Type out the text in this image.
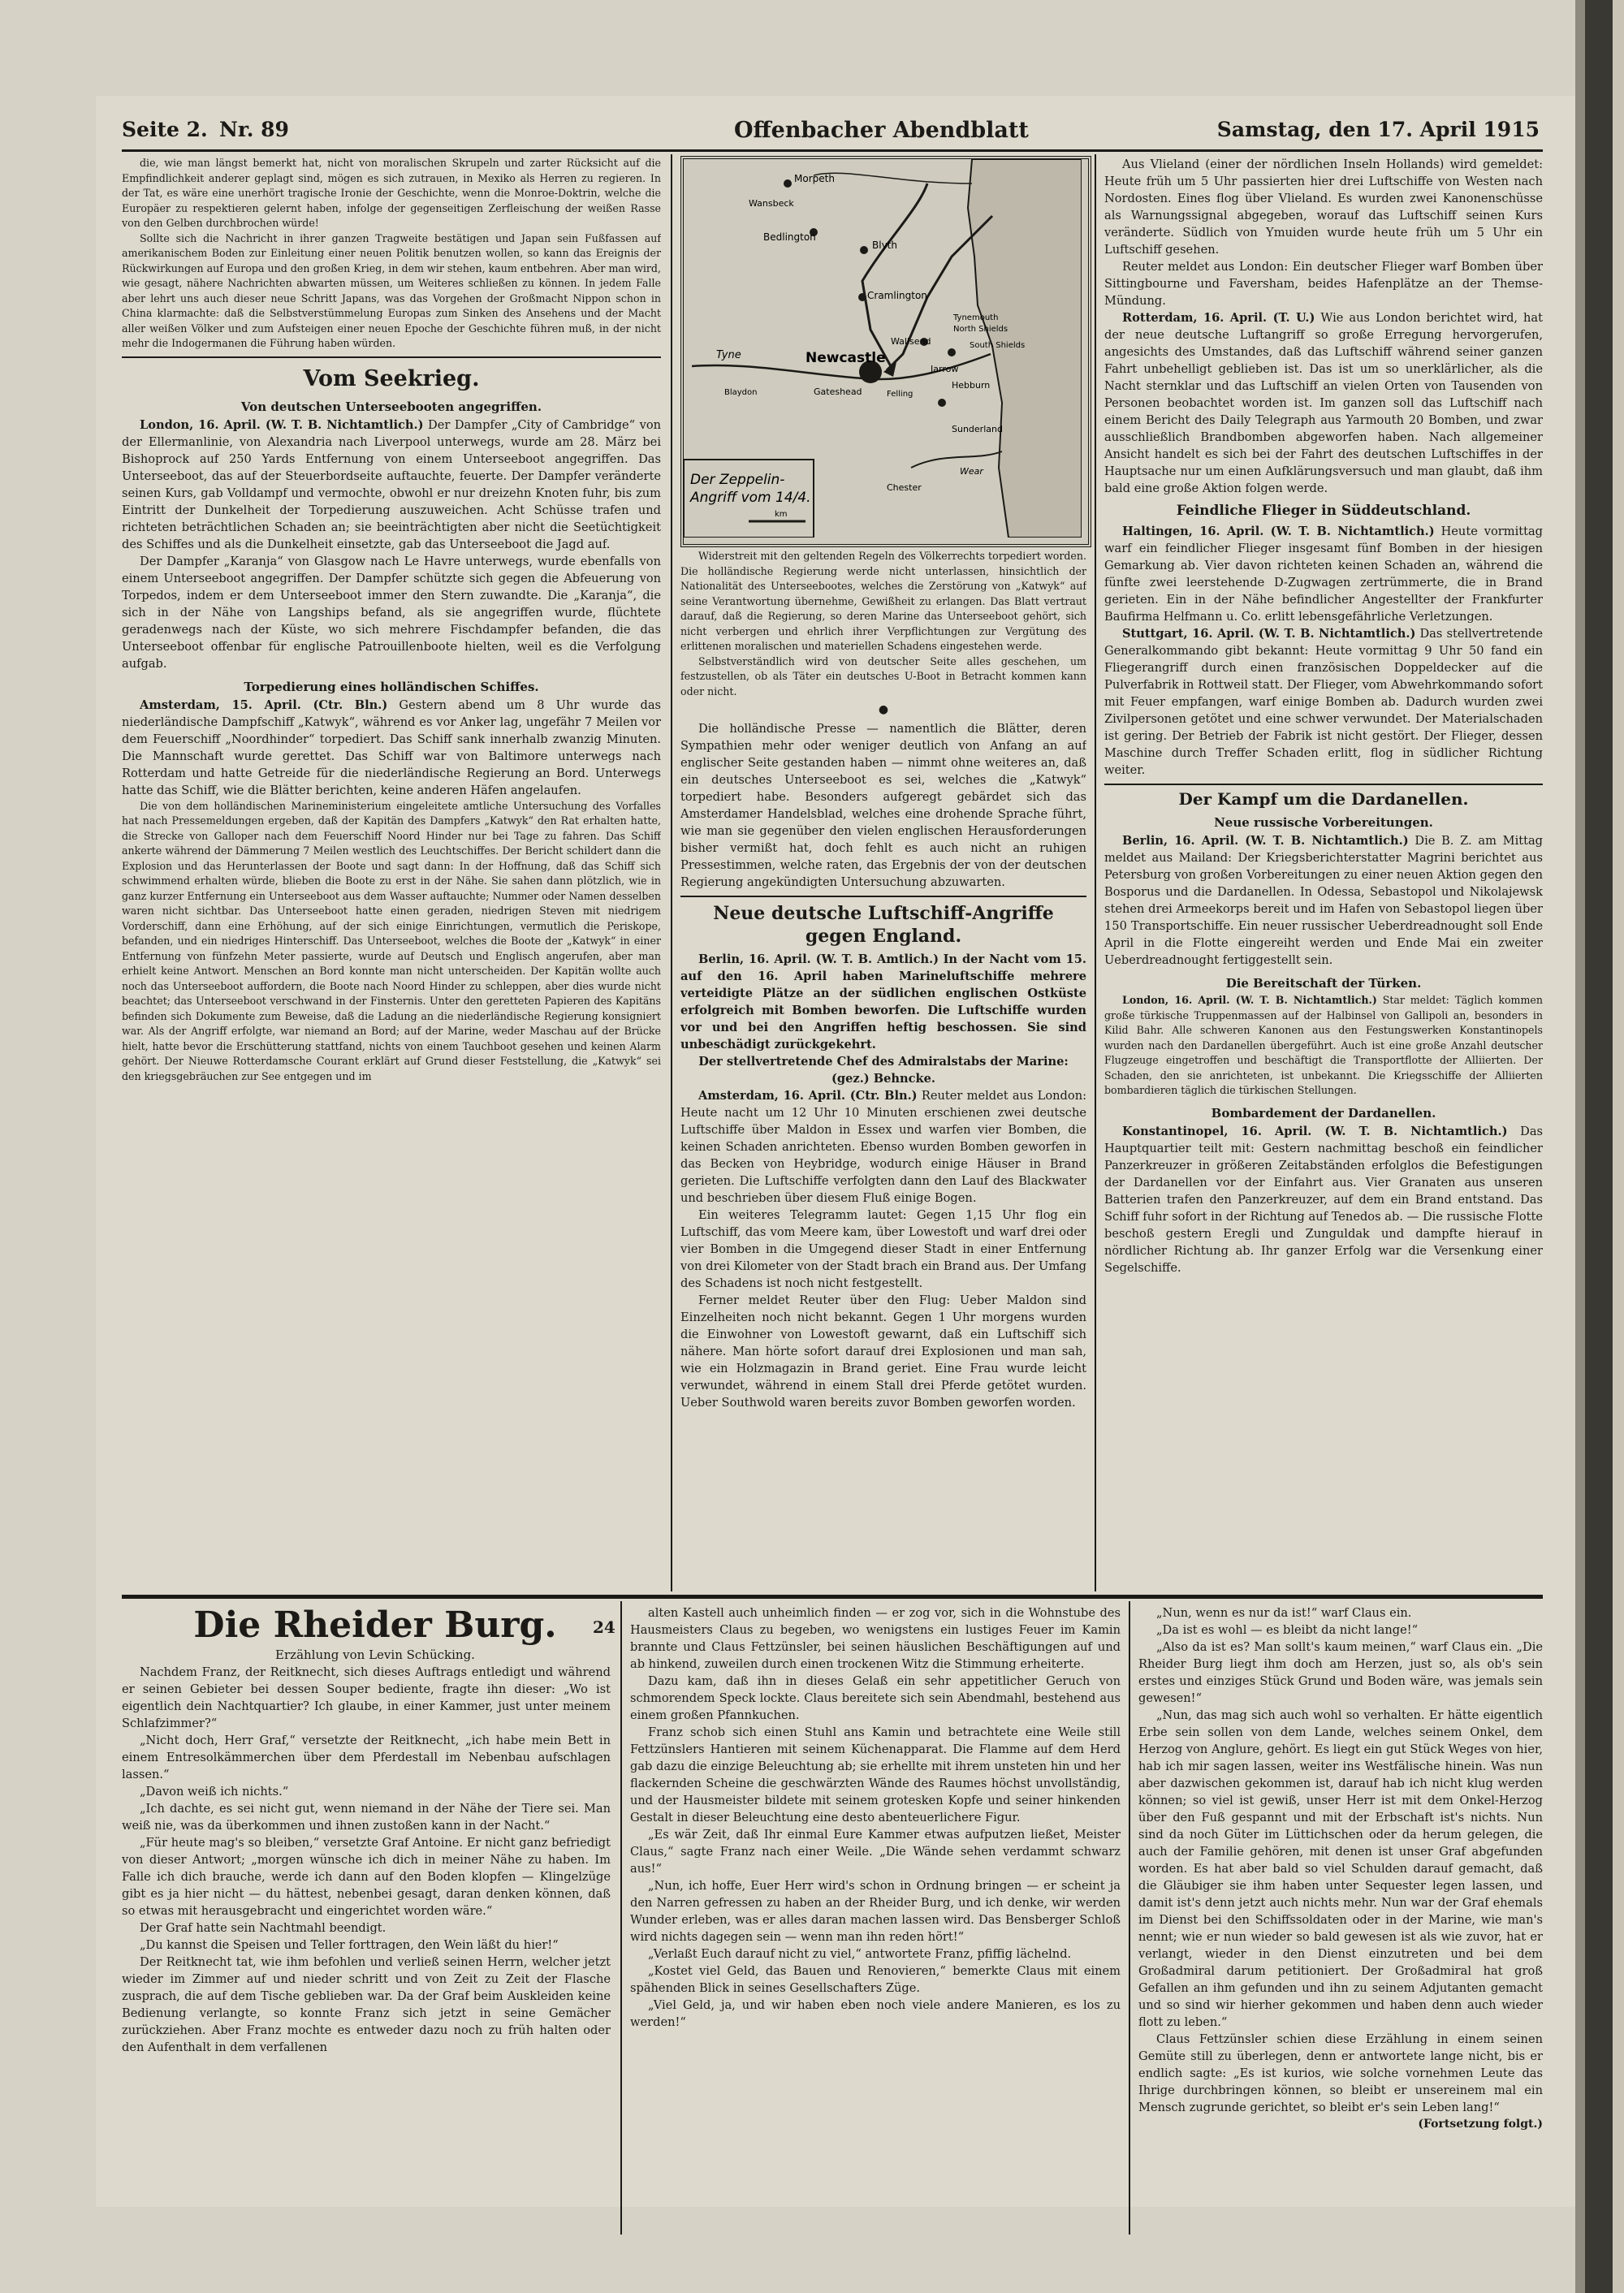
Seite 2. Nr. 89	Offenbacher Abendblatt	Samstag, den 17. April 1915

die, wie man längst bemerkt hat, nicht von moralischen Skrupeln und zarter Rücksicht auf die Empfindlichkeit anderer geplagt sind, mögen es sich zutrauen, in Mexiko als Herren zu regieren. In der Tat, es wäre eine unerhört tragische Ironie der Geschichte, wenn die Monroe-Doktrin, welche die Europäer zu respektieren gelernt haben, infolge der gegenseitigen Zerfleischung der weißen Rasse von den Gelben durchbrochen würde!

Sollte sich die Nachricht in ihrer ganzen Tragweite bestätigen und Japan sein Fußfassen auf amerikanischem Boden zur Einleitung einer neuen Politik benutzen wollen, so kann das Ereignis der Rückwirkungen auf Europa und den großen Krieg, in dem wir stehen, kaum entbehren. Aber man wird, wie gesagt, nähere Nachrichten abwarten müssen, um Weiteres schließen zu können. In jedem Falle aber lehrt uns auch dieser neue Schritt Japans, was das Vorgehen der Großmacht Nippon schon in China klarmachte: daß die Selbstverstümmelung Europas zum Sinken des Ansehens und der Macht aller weißen Völker und zum Aufsteigen einer neuen Epoche der Geschichte führen muß, in der nicht mehr die Indogermanen die Führung haben würden.

Vom Seekrieg.
Von deutschen Unterseebooten angegriffen.

London, 16. April. (W. T. B. Nichtamtlich.) Der Dampfer „City of Cambridge“ von der Ellermanlinie, von Alexandria nach Liverpool unterwegs, wurde am 28. März bei Bishoprock auf 250 Yards Entfernung von einem Unterseeboot angegriffen. Das Unterseeboot, das auf der Steuerbordseite auftauchte, feuerte. Der Dampfer veränderte seinen Kurs, gab Volldampf und vermochte, obwohl er nur dreizehn Knoten fuhr, bis zum Eintritt der Dunkelheit der Torpedierung auszuweichen. Acht Schüsse trafen und richteten beträchtlichen Schaden an; sie beeinträchtigten aber nicht die Seetüchtigkeit des Schiffes und als die Dunkelheit einsetzte, gab das Unterseeboot die Jagd auf.

Der Dampfer „Karanja“ von Glasgow nach Le Havre unterwegs, wurde ebenfalls von einem Unterseeboot angegriffen. Der Dampfer schützte sich gegen die Abfeuerung von Torpedos, indem er dem Unterseeboot immer den Stern zuwandte. Die „Karanja“, die sich in der Nähe von Langships befand, als sie angegriffen wurde, flüchtete geradenwegs nach der Küste, wo sich mehrere Fischdampfer befanden, die das Unterseeboot offenbar für englische Patrouillenboote hielten, weil es die Verfolgung aufgab.

Torpedierung eines holländischen Schiffes.

Amsterdam, 15. April. (Ctr. Bln.) Gestern abend um 8 Uhr wurde das niederländische Dampfschiff „Katwyk“, während es vor Anker lag, ungefähr 7 Meilen vor dem Feuerschiff „Noordhinder“ torpediert. Das Schiff sank innerhalb zwanzig Minuten. Die Mannschaft wurde gerettet. Das Schiff war von Baltimore unterwegs nach Rotterdam und hatte Getreide für die niederländische Regierung an Bord. Unterwegs hatte das Schiff, wie die Blätter berichten, keine anderen Häfen angelaufen.

Die von dem holländischen Marineministerium eingeleitete amtliche Untersuchung des Vorfalles hat nach Pressemeldungen ergeben, daß der Kapitän des Dampfers „Katwyk“ den Rat erhalten hatte, die Strecke von Galloper nach dem Feuerschiff Noord Hinder nur bei Tage zu fahren. Das Schiff ankerte während der Dämmerung 7 Meilen westlich des Leuchtschiffes. Der Bericht schildert dann die Explosion und das Herunterlassen der Boote und sagt dann: In der Hoffnung, daß das Schiff sich schwimmend erhalten würde, blieben die Boote zu erst in der Nähe. Sie sahen dann plötzlich, wie in ganz kurzer Entfernung ein Unterseeboot aus dem Wasser auftauchte; Nummer oder Namen desselben waren nicht sichtbar. Das Unterseeboot hatte einen geraden, niedrigen Steven mit niedrigem Vorderschiff, dann eine Erhöhung, auf der sich einige Einrichtungen, vermutlich die Periskope, befanden, und ein niedriges Hinterschiff. Das Unterseeboot, welches die Boote der „Katwyk“ in einer Entfernung von fünfzehn Meter passierte, wurde auf Deutsch und Englisch angerufen, aber man erhielt keine Antwort. Menschen an Bord konnte man nicht unterscheiden. Der Kapitän wollte auch noch das Unterseeboot auffordern, die Boote nach Noord Hinder zu schleppen, aber dies wurde nicht beachtet; das Unterseeboot verschwand in der Finsternis. Unter den geretteten Papieren des Kapitäns befinden sich Dokumente zum Beweise, daß die Ladung an die niederländische Regierung konsigniert war. Als der Angriff erfolgte, war niemand an Bord; auf der Marine, weder Maschau auf der Brücke hielt, hatte bevor die Erschütterung stattfand, nichts von einem Tauchboot gesehen und keinen Alarm gehört. Der Nieuwe Rotterdamsche Courant erklärt auf Grund dieser Feststellung, die „Katwyk“ sei den kriegsgebräuchen zur See entgegen und im

Morpeth
Wansbeck
Bedlington
Blyth
Cramlington
Tynemouth
North Shields
South Shields
Wallsend
Newcastle
Jarrow
Hebburn
Gateshead	Felling
Sunderland
Tyne
Blaydon
Chester
Wear
Der Zeppelin-
Angriff vom 14/4.
km

Widerstreit mit den geltenden Regeln des Völkerrechts torpediert worden. Die holländische Regierung werde nicht unterlassen, hinsichtlich der Nationalität des Unterseebootes, welches die Zerstörung von „Katwyk“ auf seine Verantwortung übernehme, Gewißheit zu erlangen. Das Blatt vertraut darauf, daß die Regierung, so deren Marine das Unterseeboot gehört, sich nicht verbergen und ehrlich ihrer Verpflichtungen zur Vergütung des erlittenen moralischen und materiellen Schadens eingestehen werde.

Selbstverständlich wird von deutscher Seite alles geschehen, um festzustellen, ob als Täter ein deutsches U-Boot in Betracht kommen kann oder nicht.

●

Die holländische Presse — namentlich die Blätter, deren Sympathien mehr oder weniger deutlich von Anfang an auf englischer Seite gestanden haben — nimmt ohne weiteres an, daß ein deutsches Unterseeboot es sei, welches die „Katwyk“ torpediert habe. Besonders aufgeregt gebärdet sich das Amsterdamer Handelsblad, welches eine drohende Sprache führt, wie man sie gegenüber den vielen englischen Herausforderungen bisher vermißt hat, doch fehlt es auch nicht an ruhigen Pressestimmen, welche raten, das Ergebnis der von der deutschen Regierung angekündigten Untersuchung abzuwarten.

Neue deutsche Luftschiff-Angriffe gegen England.

Berlin, 16. April. (W. T. B. Amtlich.) In der Nacht vom 15. auf den 16. April haben Marineluftschiffe mehrere verteidigte Plätze an der südlichen englischen Ostküste erfolgreich mit Bomben beworfen. Die Luftschiffe wurden vor und bei den Angriffen heftig beschossen. Sie sind unbeschädigt zurückgekehrt.

Der stellvertretende Chef des Admiralstabs der Marine:

(gez.) Behncke.

Amsterdam, 16. April. (Ctr. Bln.) Reuter meldet aus London: Heute nacht um 12 Uhr 10 Minuten erschienen zwei deutsche Luftschiffe über Maldon in Essex und warfen vier Bomben, die keinen Schaden anrichteten. Ebenso wurden Bomben geworfen in das Becken von Heybridge, wodurch einige Häuser in Brand gerieten. Die Luftschiffe verfolgten dann den Lauf des Blackwater und beschrieben über diesem Fluß einige Bogen.

Ein weiteres Telegramm lautet: Gegen 1,15 Uhr flog ein Luftschiff, das vom Meere kam, über Lowestoft und warf drei oder vier Bomben in die Umgegend dieser Stadt in einer Entfernung von drei Kilometer von der Stadt brach ein Brand aus. Der Umfang des Schadens ist noch nicht festgestellt.

Ferner meldet Reuter über den Flug: Ueber Maldon sind Einzelheiten noch nicht bekannt. Gegen 1 Uhr morgens wurden die Einwohner von Lowestoft gewarnt, daß ein Luftschiff sich nähere. Man hörte sofort darauf drei Explosionen und man sah, wie ein Holzmagazin in Brand geriet. Eine Frau wurde leicht verwundet, während in einem Stall drei Pferde getötet wurden. Ueber Southwold waren bereits zuvor Bomben geworfen worden.

Aus Vlieland (einer der nördlichen Inseln Hollands) wird gemeldet: Heute früh um 5 Uhr passierten hier drei Luftschiffe von Westen nach Nordosten. Eines flog über Vlieland. Es wurden zwei Kanonenschüsse als Warnungssignal abgegeben, worauf das Luftschiff seinen Kurs veränderte. Südlich von Ymuiden wurde heute früh um 5 Uhr ein Luftschiff gesehen.

Reuter meldet aus London: Ein deutscher Flieger warf Bomben über Sittingbourne und Faversham, beides Hafenplätze an der Themse-Mündung.

Rotterdam, 16. April. (T. U.) Wie aus London berichtet wird, hat der neue deutsche Luftangriff so große Erregung hervorgerufen, angesichts des Umstandes, daß das Luftschiff während seiner ganzen Fahrt unbehelligt geblieben ist. Das ist um so unerklärlicher, als die Nacht sternklar und das Luftschiff an vielen Orten von Tausenden von Personen beobachtet worden ist. Im ganzen soll das Luftschiff nach einem Bericht des Daily Telegraph aus Yarmouth 20 Bomben, und zwar ausschließlich Brandbomben abgeworfen haben. Nach allgemeiner Ansicht handelt es sich bei der Fahrt des deutschen Luftschiffes in der Hauptsache nur um einen Aufklärungsversuch und man glaubt, daß ihm bald eine große Aktion folgen werde.

Feindliche Flieger in Süddeutschland.

Haltingen, 16. April. (W. T. B. Nichtamtlich.) Heute vormittag warf ein feindlicher Flieger insgesamt fünf Bomben in der hiesigen Gemarkung ab. Vier davon richteten keinen Schaden an, während die fünfte zwei leerstehende D-Zugwagen zertrümmerte, die in Brand gerieten. Ein in der Nähe befindlicher Angestellter der Frankfurter Baufirma Helfmann u. Co. erlitt lebensgefährliche Verletzungen.

Stuttgart, 16. April. (W. T. B. Nichtamtlich.) Das stellvertretende Generalkommando gibt bekannt: Heute vormittag 9 Uhr 50 fand ein Fliegerangriff durch einen französischen Doppeldecker auf die Pulverfabrik in Rottweil statt. Der Flieger, vom Abwehrkommando sofort mit Feuer empfangen, warf einige Bomben ab. Dadurch wurden zwei Zivilpersonen getötet und eine schwer verwundet. Der Materialschaden ist gering. Der Betrieb der Fabrik ist nicht gestört. Der Flieger, dessen Maschine durch Treffer Schaden erlitt, flog in südlicher Richtung weiter.

Der Kampf um die Dardanellen.
Neue russische Vorbereitungen.

Berlin, 16. April. (W. T. B. Nichtamtlich.) Die B. Z. am Mittag meldet aus Mailand: Der Kriegsberichterstatter Magrini berichtet aus Petersburg von großen Vorbereitungen zu einer neuen Aktion gegen den Bosporus und die Dardanellen. In Odessa, Sebastopol und Nikolajewsk stehen drei Armeekorps bereit und im Hafen von Sebastopol liegen über 150 Transportschiffe. Ein neuer russischer Ueberdreadnought soll Ende April in die Flotte eingereiht werden und Ende Mai ein zweiter Ueberdreadnought fertiggestellt sein.

Die Bereitschaft der Türken.

London, 16. April. (W. T. B. Nichtamtlich.) Star meldet: Täglich kommen große türkische Truppenmassen auf der Halbinsel von Gallipoli an, besonders in Kilid Bahr. Alle schweren Kanonen aus den Festungswerken Konstantinopels wurden nach den Dardanellen übergeführt. Auch ist eine große Anzahl deutscher Flugzeuge eingetroffen und beschäftigt die Transportflotte der Alliierten. Der Schaden, den sie anrichteten, ist unbekannt. Die Kriegsschiffe der Alliierten bombardieren täglich die türkischen Stellungen.

Bombardement der Dardanellen.

Konstantinopel, 16. April. (W. T. B. Nichtamtlich.) Das Hauptquartier teilt mit: Gestern nachmittag beschoß ein feindlicher Panzerkreuzer in größeren Zeitabständen erfolglos die Befestigungen der Dardanellen vor der Einfahrt aus. Vier Granaten aus unseren Batterien trafen den Panzerkreuzer, auf dem ein Brand entstand. Das Schiff fuhr sofort in der Richtung auf Tenedos ab. — Die russische Flotte beschoß gestern Eregli und Zunguldak und dampfte hierauf in nördlicher Richtung ab. Ihr ganzer Erfolg war die Versenkung einer Segelschiffe.

Die Rheider Burg.

Erzählung von Levin Schücking.

Nachdem Franz, der Reitknecht, sich dieses Auftrags entledigt und während er seinen Gebieter bei dessen Souper bediente, fragte ihn dieser: „Wo ist eigentlich dein Nachtquartier? Ich glaube, in einer Kammer, just unter meinem Schlafzimmer?“

„Nicht doch, Herr Graf,“ versetzte der Reitknecht, „ich habe mein Bett in einem Entresolkämmerchen über dem Pferdestall im Nebenbau aufschlagen lassen.“

„Davon weiß ich nichts.“

„Ich dachte, es sei nicht gut, wenn niemand in der Nähe der Tiere sei. Man weiß nie, was da überkommen und ihnen zustoßen kann in der Nacht.“

„Für heute mag's so bleiben,“ versetzte Graf Antoine. Er nicht ganz befriedigt von dieser Antwort; „morgen wünsche ich dich in meiner Nähe zu haben. Im Falle ich dich brauche, werde ich dann auf den Boden klopfen — Klingelzüge gibt es ja hier nicht — du hättest, nebenbei gesagt, daran denken können, daß so etwas mit herausgebracht und eingerichtet worden wäre.“

Der Graf hatte sein Nachtmahl beendigt.

„Du kannst die Speisen und Teller forttragen, den Wein läßt du hier!“

Der Reitknecht tat, wie ihm befohlen und verließ seinen Herrn, welcher jetzt wieder im Zimmer auf und nieder schritt und von Zeit zu Zeit der Flasche zusprach, die auf dem Tische geblieben war. Da der Graf beim Auskleiden keine Bedienung verlangte, so konnte Franz sich jetzt in seine Gemächer zurückziehen. Aber Franz mochte es entweder dazu noch zu früh halten oder den Aufenthalt in dem verfallenen

24

alten Kastell auch unheimlich finden — er zog vor, sich in die Wohnstube des Hausmeisters Claus zu begeben, wo wenigstens ein lustiges Feuer im Kamin brannte und Claus Fettzünsler, bei seinen häuslichen Beschäftigungen auf und ab hinkend, zuweilen durch einen trockenen Witz die Stimmung erheiterte.

Dazu kam, daß ihn in dieses Gelaß ein sehr appetitlicher Geruch von schmorendem Speck lockte. Claus bereitete sich sein Abendmahl, bestehend aus einem großen Pfannkuchen.

Franz schob sich einen Stuhl ans Kamin und betrachtete eine Weile still Fettzünslers Hantieren mit seinem Küchenapparat. Die Flamme auf dem Herd gab dazu die einzige Beleuchtung ab; sie erhellte mit ihrem unsteten hin und her flackernden Scheine die geschwärzten Wände des Raumes höchst unvollständig, und der Hausmeister bildete mit seinem grotesken Kopfe und seiner hinkenden Gestalt in dieser Beleuchtung eine desto abenteuerlichere Figur.

„Es wär Zeit, daß Ihr einmal Eure Kammer etwas aufputzen ließet, Meister Claus,“ sagte Franz nach einer Weile. „Die Wände sehen verdammt schwarz aus!“

„Nun, ich hoffe, Euer Herr wird's schon in Ordnung bringen — er scheint ja den Narren gefressen zu haben an der Rheider Burg, und ich denke, wir werden Wunder erleben, was er alles daran machen lassen wird. Das Bensberger Schloß wird nichts dagegen sein — wenn man ihn reden hört!“

„Verlaßt Euch darauf nicht zu viel,“ antwortete Franz, pfiffig lächelnd.

„Kostet viel Geld, das Bauen und Renovieren,“ bemerkte Claus mit einem spähenden Blick in seines Gesellschafters Züge.

„Viel Geld, ja, und wir haben eben noch viele andere Manieren, es los zu werden!“

„Nun, wenn es nur da ist!“ warf Claus ein.

„Da ist es wohl — es bleibt da nicht lange!“

„Also da ist es? Man sollt's kaum meinen,“ warf Claus ein. „Die Rheider Burg liegt ihm doch am Herzen, just so, als ob's sein erstes und einziges Stück Grund und Boden wäre, was jemals sein gewesen!“

„Nun, das mag sich auch wohl so verhalten. Er hätte eigentlich Erbe sein sollen von dem Lande, welches seinem Onkel, dem Herzog von Anglure, gehört. Es liegt ein gut Stück Weges von hier, hab ich mir sagen lassen, weiter ins Westfälische hinein. Was nun aber dazwischen gekommen ist, darauf hab ich nicht klug werden können; so viel ist gewiß, unser Herr ist mit dem Onkel-Herzog über den Fuß gespannt und mit der Erbschaft ist's nichts. Nun sind da noch Güter im Lüttichschen oder da herum gelegen, die auch der Familie gehören, mit denen ist unser Graf abgefunden worden. Es hat aber bald so viel Schulden darauf gemacht, daß die Gläubiger sie ihm haben unter Sequester legen lassen, und damit ist's denn jetzt auch nichts mehr. Nun war der Graf ehemals im Dienst bei den Schiffssoldaten oder in der Marine, wie man's nennt; wie er nun wieder so bald gewesen ist als wie zuvor, hat er verlangt, wieder in den Dienst einzutreten und bei dem Großadmiral darum petitioniert. Der Großadmiral hat groß Gefallen an ihm gefunden und ihn zu seinem Adjutanten gemacht und so sind wir hierher gekommen und haben denn auch wieder flott zu leben.“

Claus Fettzünsler schien diese Erzählung in einem seinen Gemüte still zu überlegen, denn er antwortete lange nicht, bis er endlich sagte: „Es ist kurios, wie solche vornehmen Leute das Ihrige durchbringen können, so bleibt er unsereinem mal ein Mensch zugrunde gerichtet, so bleibt er's sein Leben lang!“

(Fortsetzung folgt.)
